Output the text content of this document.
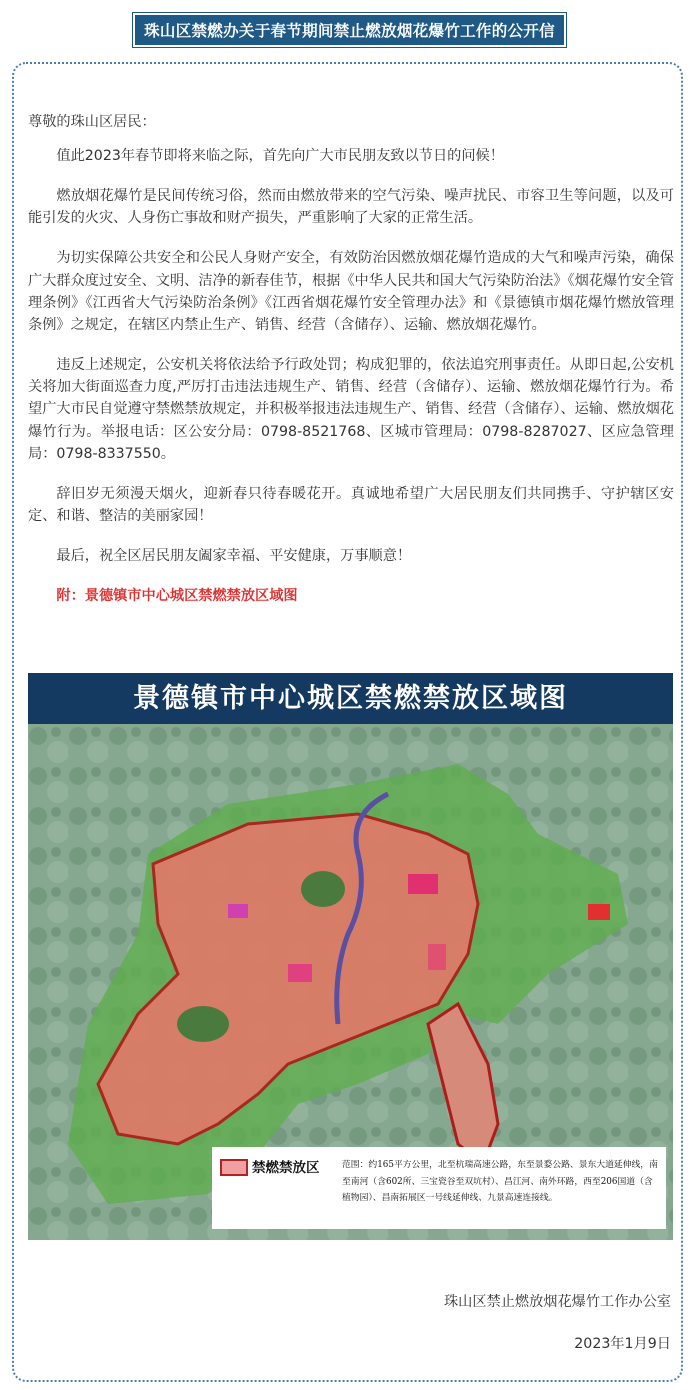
珠山区禁燃办关于春节期间禁止燃放烟花爆竹工作的公开信

尊敬的珠山区居民：

值此2023年春节即将来临之际，首先向广大市民朋友致以节日的问候！

燃放烟花爆竹是民间传统习俗，然而由燃放带来的空气污染、噪声扰民、市容卫生等问题，以及可能引发的火灾、人身伤亡事故和财产损失，严重影响了大家的正常生活。

为切实保障公共安全和公民人身财产安全，有效防治因燃放烟花爆竹造成的大气和噪声污染，确保广大群众度过安全、文明、洁净的新春佳节，根据《中华人民共和国大气污染防治法》《烟花爆竹安全管理条例》《江西省大气污染防治条例》《江西省烟花爆竹安全管理办法》和《景德镇市烟花爆竹燃放管理条例》之规定，在辖区内禁止生产、销售、经营（含储存）、运输、燃放烟花爆竹。

违反上述规定，公安机关将依法给予行政处罚；构成犯罪的，依法追究刑事责任。从即日起,公安机关将加大街面巡查力度,严厉打击违法违规生产、销售、经营（含储存）、运输、燃放烟花爆竹行为。希望广大市民自觉遵守禁燃禁放规定，并积极举报违法违规生产、销售、经营（含储存）、运输、燃放烟花爆竹行为。举报电话：区公安分局：0798-8521768、区城市管理局：0798-8287027、区应急管理局：0798-8337550。

辞旧岁无须漫天烟火，迎新春只待春暖花开。真诚地希望广大居民朋友们共同携手、守护辖区安定、和谐、整洁的美丽家园！

最后，祝全区居民朋友阖家幸福、平安健康，万事顺意！

附：景德镇市中心城区禁燃禁放区域图

景德镇市中心城区禁燃禁放区域图
禁燃禁放区	范围：约165平方公里，北至杭瑞高速公路，东至景婺公路、景东大道延伸线，南至南河（含602所、三宝瓷谷至双坑村）、昌江河、南外环路，西至206国道（含植物园）、昌南拓展区一号线延伸线、九景高速连接线。
珠山区禁止燃放烟花爆竹工作办公室
2023年1月9日
